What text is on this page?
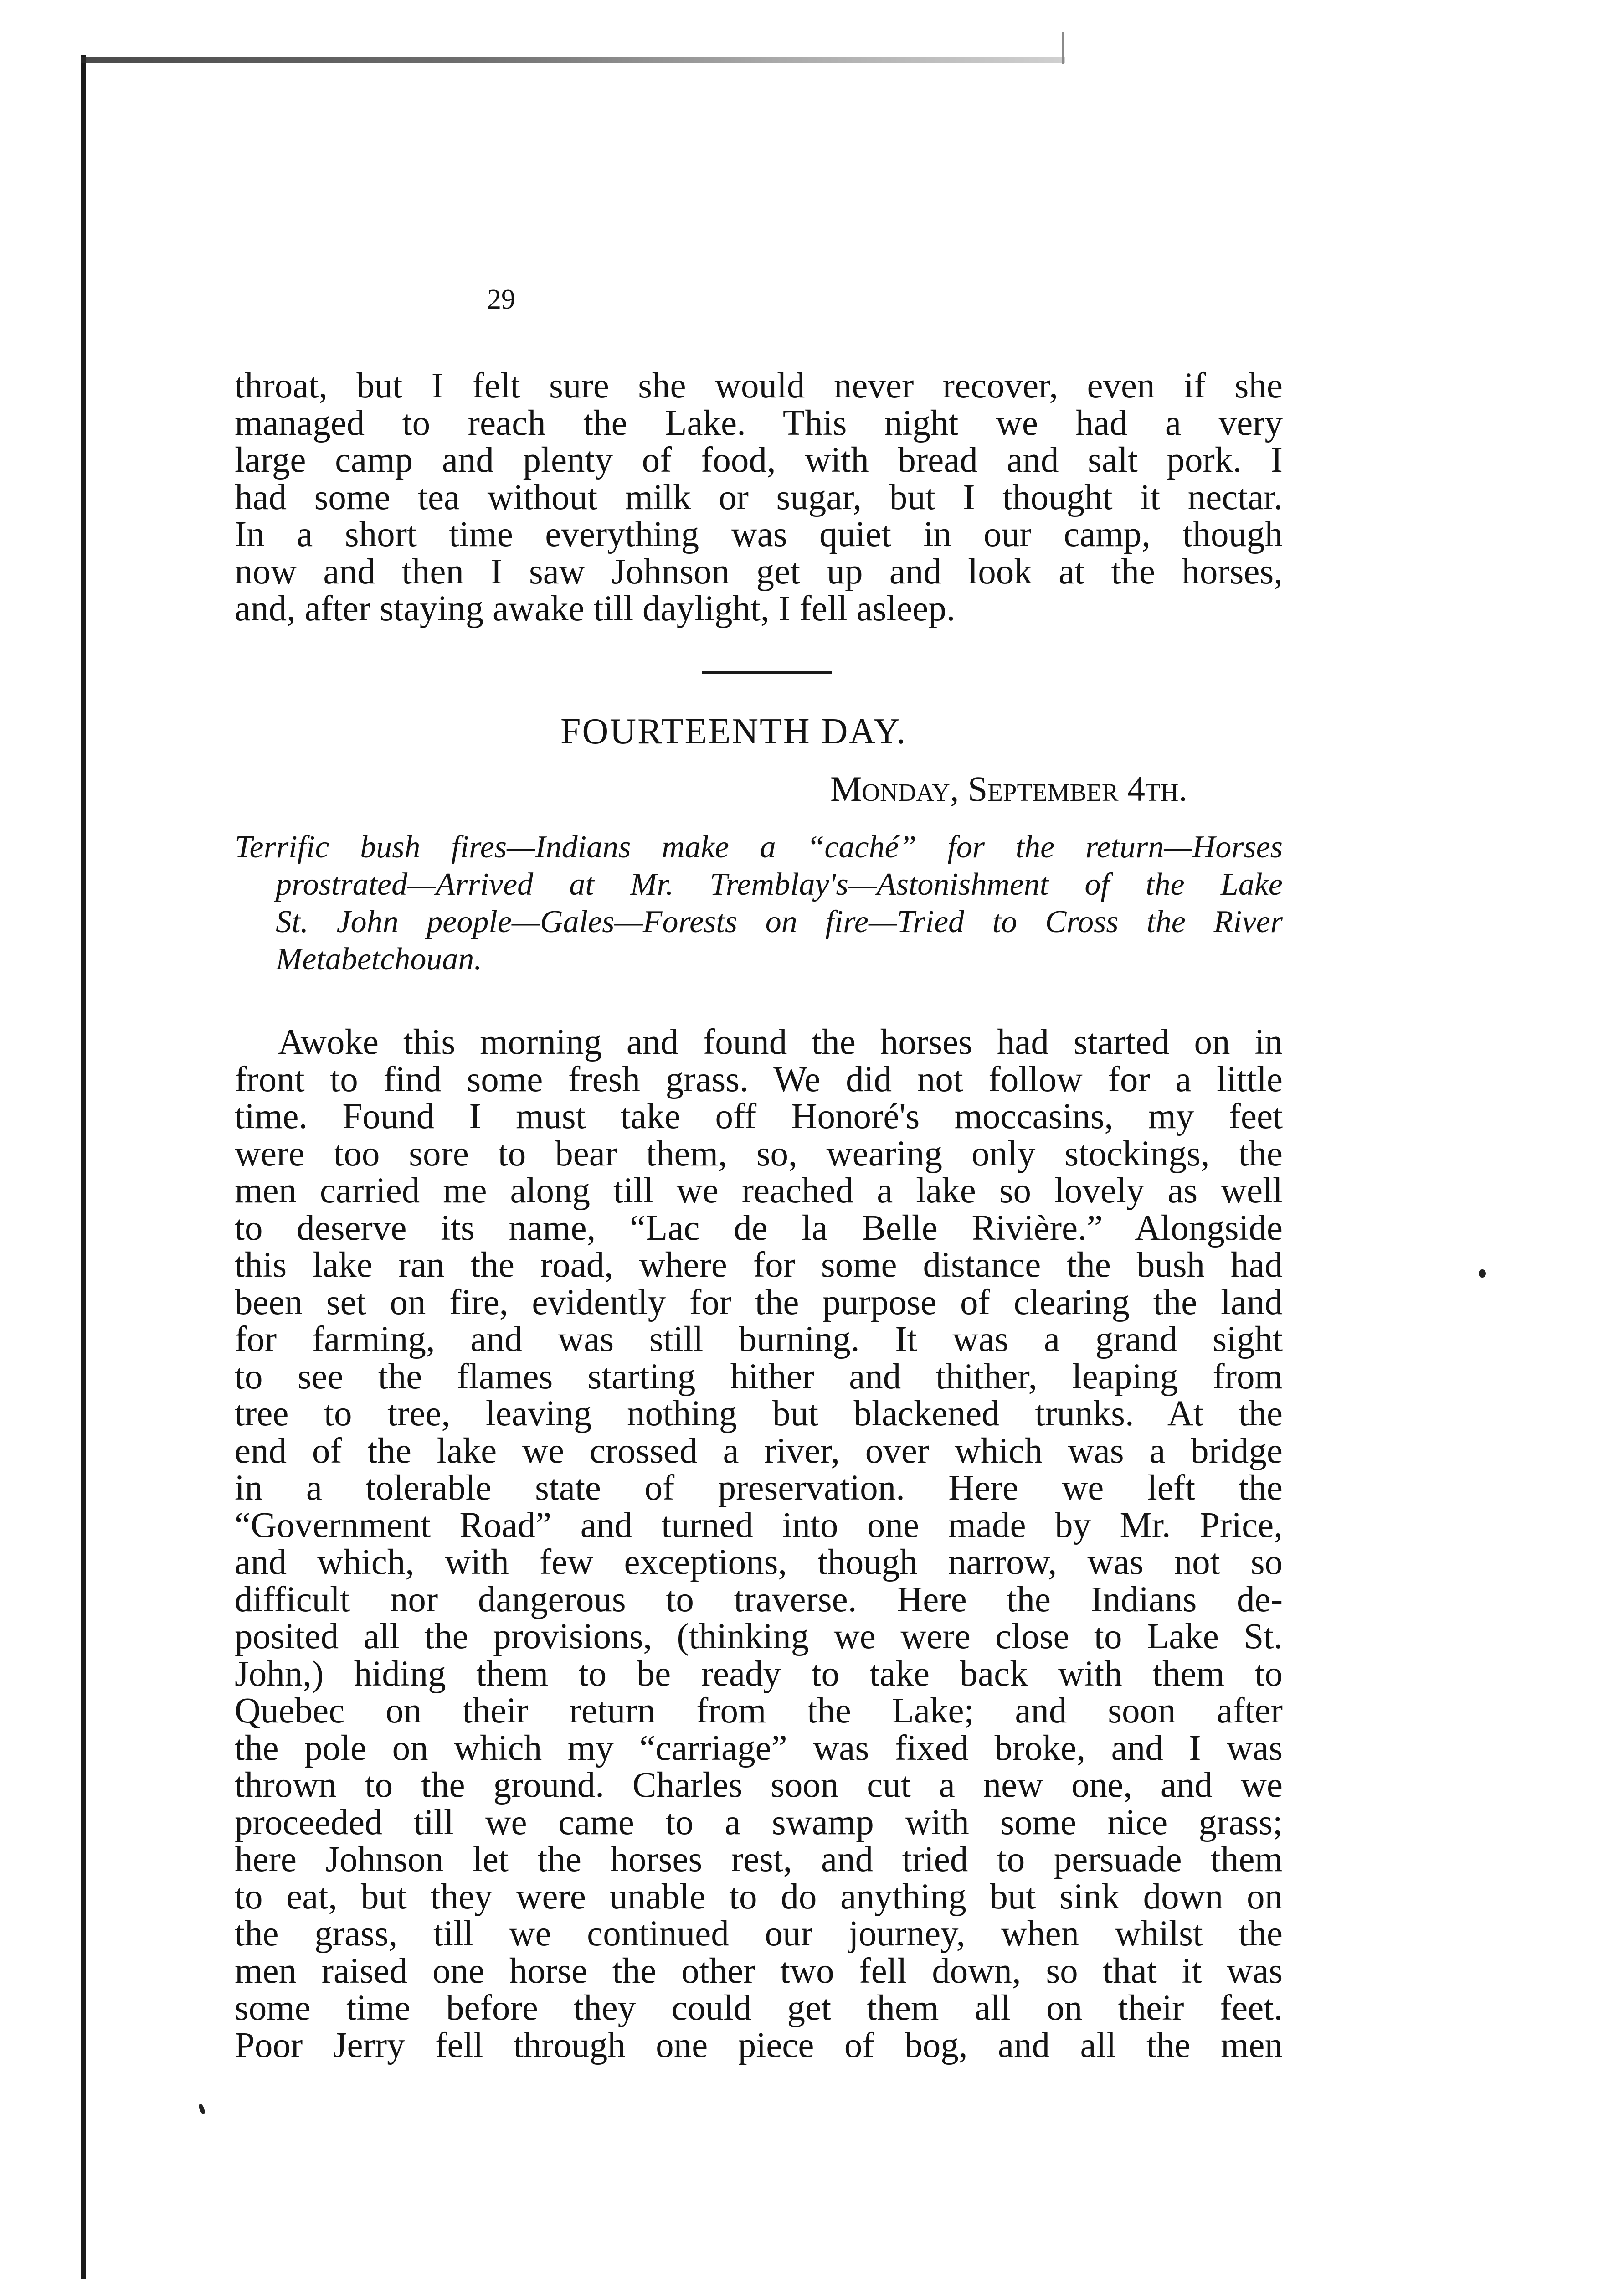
29
throat, but I felt sure she would never recover, even if she
managed to reach the Lake. This night we had a very
large camp and plenty of food, with bread and salt pork. I
had some tea without milk or sugar, but I thought it nectar.
In a short time everything was quiet in our camp, though
now and then I saw Johnson get up and look at the horses,
and, after staying awake till daylight, I fell asleep.
FOURTEENTH DAY.
Monday, September 4th.
Terrific bush fires—Indians make a “caché” for the return—Horses
prostrated—Arrived at Mr. Tremblay's—Astonishment of the Lake
St. John people—Gales—Forests on fire—Tried to Cross the River
Metabetchouan.
Awoke this morning and found the horses had started on in
front to find some fresh grass. We did not follow for a little
time. Found I must take off Honoré's moccasins, my feet
were too sore to bear them, so, wearing only stockings, the
men carried me along till we reached a lake so lovely as well
to deserve its name, “Lac de la Belle Rivière.” Alongside
this lake ran the road, where for some distance the bush had
been set on fire, evidently for the purpose of clearing the land
for farming, and was still burning. It was a grand sight
to see the flames starting hither and thither, leaping from
tree to tree, leaving nothing but blackened trunks. At the
end of the lake we crossed a river, over which was a bridge
in a tolerable state of preservation. Here we left the
“Government Road” and turned into one made by Mr. Price,
and which, with few exceptions, though narrow, was not so
difficult nor dangerous to traverse. Here the Indians de-
posited all the provisions, (thinking we were close to Lake St.
John,) hiding them to be ready to take back with them to
Quebec on their return from the Lake; and soon after
the pole on which my “carriage” was fixed broke, and I was
thrown to the ground. Charles soon cut a new one, and we
proceeded till we came to a swamp with some nice grass;
here Johnson let the horses rest, and tried to persuade them
to eat, but they were unable to do anything but sink down on
the grass, till we continued our journey, when whilst the
men raised one horse the other two fell down, so that it was
some time before they could get them all on their feet.
Poor Jerry fell through one piece of bog, and all the men
